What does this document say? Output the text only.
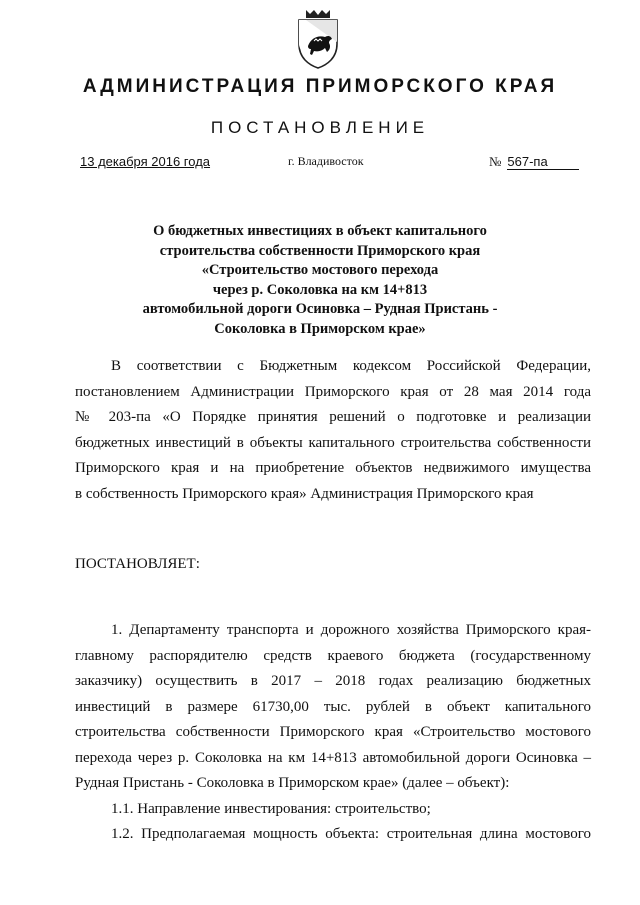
АДМИНИСТРАЦИЯ ПРИМОРСКОГО КРАЯ
ПОСТАНОВЛЕНИЕ
13 декабря 2016 года	г. Владивосток	№ 567-па
О бюджетных инвестициях в объект капитального
строительства собственности Приморского края
«Строительство мостового перехода
через р. Соколовка на км 14+813
автомобильной дороги Осиновка – Рудная Пристань -
Соколовка в Приморском крае»
В соответствии с Бюджетным кодексом Российской Федерации,
постановлением Администрации Приморского края от 28 мая 2014 года
№ 203-па «О Порядке принятия решений о подготовке и реализации
бюджетных инвестиций в объекты капитального строительства собственности
Приморского края и на приобретение объектов недвижимого имущества
в собственность Приморского края» Администрация Приморского края
ПОСТАНОВЛЯЕТ:
1. Департаменту транспорта и дорожного хозяйства Приморского края-
главному распорядителю средств краевого бюджета (государственному
заказчику) осуществить в 2017 – 2018 годах реализацию бюджетных
инвестиций в размере 61730,00 тыс. рублей в объект капитального
строительства собственности Приморского края «Строительство мостового
перехода через р. Соколовка на км 14+813 автомобильной дороги Осиновка –
Рудная Пристань - Соколовка в Приморском крае» (далее – объект):
1.1. Направление инвестирования: строительство;
1.2. Предполагаемая мощность объекта: строительная длина мостового
